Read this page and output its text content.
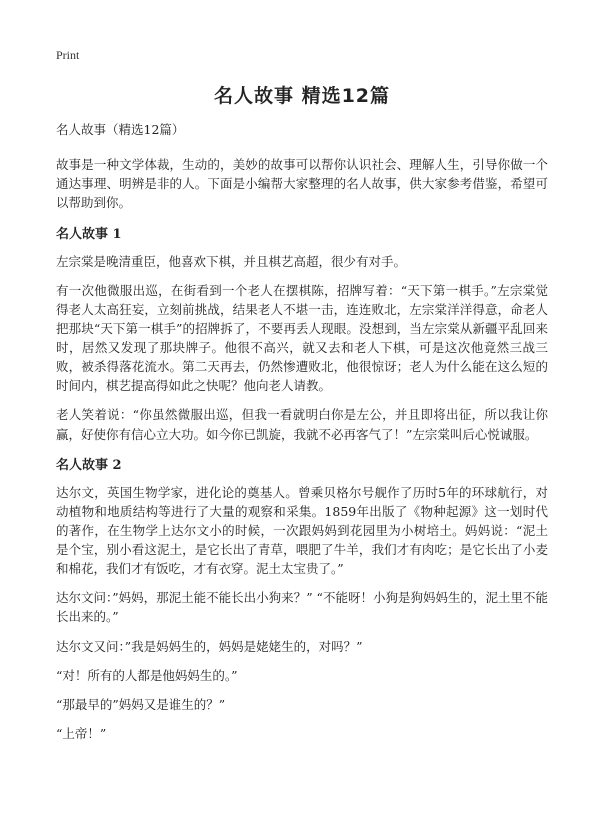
Print
名人故事 精选12篇

名人故事（精选12篇）

故事是一种文学体裁，生动的，美妙的故事可以帮你认识社会、理解人生，引导你做一个通达事理、明辨是非的人。下面是小编帮大家整理的名人故事，供大家参考借鉴，希望可以帮助到你。

名人故事 1

左宗棠是晚清重臣，他喜欢下棋，并且棋艺高超，很少有对手。

有一次他微服出巡，在街看到一个老人在摆棋陈，招牌写着：“天下第一棋手。”左宗棠觉得老人太高狂妄，立刻前挑战，结果老人不堪一击，连连败北，左宗棠洋洋得意，命老人把那块“天下第一棋手”的招牌拆了，不要再丢人现眼。没想到，当左宗棠从新疆平乱回来时，居然又发现了那块牌子。他很不高兴，就又去和老人下棋，可是这次他竟然三战三败，被杀得落花流水。第二天再去，仍然惨遭败北，他很惊讶；老人为什么能在这么短的时间内，棋艺提高得如此之快呢？他向老人请教。

老人笑着说：“你虽然微服出巡，但我一看就明白你是左公，并且即将出征，所以我让你赢，好使你有信心立大功。如今你已凯旋，我就不必再客气了！”左宗棠叫后心悦诚服。

名人故事 2

达尔文，英国生物学家，进化论的奠基人。曾乘贝格尔号舰作了历时5年的环球航行，对动植物和地质结构等进行了大量的观察和采集。1859年出版了《物种起源》这一划时代的著作，在生物学上达尔文小的时候，一次跟妈妈到花园里为小树培土。妈妈说：“泥土是个宝，别小看这泥土，是它长出了青草，喂肥了牛羊，我们才有肉吃；是它长出了小麦和棉花，我们才有饭吃，才有衣穿。泥土太宝贵了。”

达尔文问：”妈妈，那泥土能不能长出小狗来？” “不能呀！小狗是狗妈妈生的，泥土里不能长出来的。”

达尔文又问：”我是妈妈生的，妈妈是姥姥生的，对吗？”

“对！所有的人都是他妈妈生的。”

“那最早的”妈妈又是谁生的？”

“上帝！”
